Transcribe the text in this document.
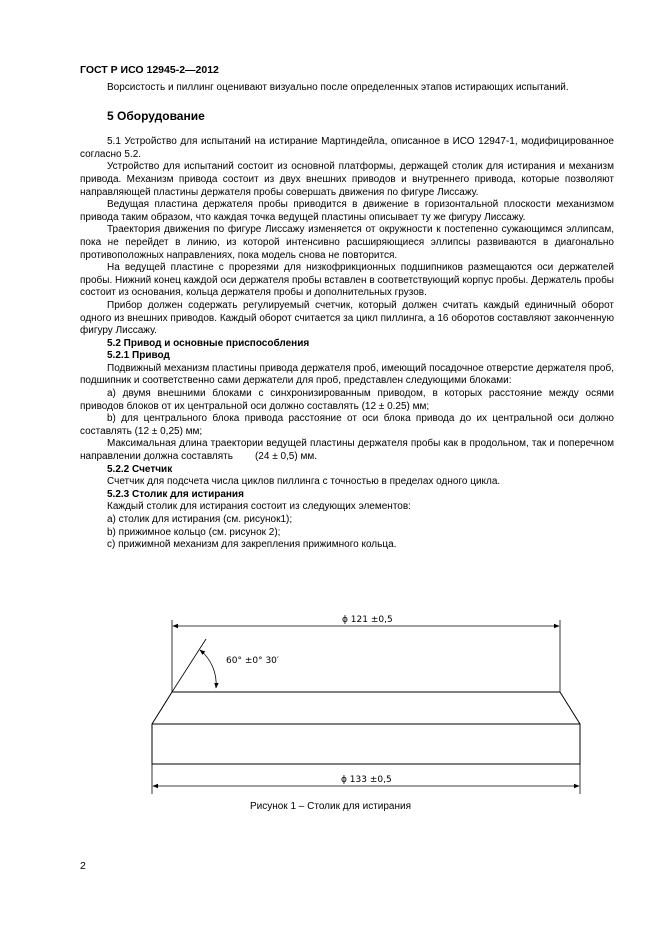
ГОСТ Р ИСО 12945-2—2012

Ворсистость и пиллинг оценивают визуально после определенных этапов истирающих испытаний.

5 Оборудование

5.1 Устройство для испытаний на истирание Мартиндейла, описанное в ИСО 12947-1, модифицированное согласно 5.2.

Устройство для испытаний состоит из основной платформы, держащей столик для истирания и механизм привода. Механизм привода состоит из двух внешних приводов и внутреннего привода, которые позволяют направляющей пластины держателя пробы совершать движения по фигуре Лиссажу.

Ведущая пластина держателя пробы приводится в движение в горизонтальной плоскости механизмом привода таким образом, что каждая точка ведущей пластины описывает ту же фигуру Лиссажу.

Траектория движения по фигуре Лиссажу изменяется от окружности к постепенно сужающимся эллипсам, пока не перейдет в линию, из которой интенсивно расширяющиеся эллипсы развиваются в диагонально противоположных направлениях, пока модель снова не повторится.

На ведущей пластине с прорезями для низкофрикционных подшипников размещаются оси держателей пробы. Нижний конец каждой оси держателя пробы вставлен в соответствующий корпус пробы. Держатель пробы состоит из основания, кольца держателя пробы и дополнительных грузов.

Прибор должен содержать регулируемый счетчик, который должен считать каждый единичный оборот одного из внешних приводов. Каждый оборот считается за цикл пиллинга, а 16 оборотов составляют законченную фигуру Лиссажу.

5.2 Привод и основные приспособления
5.2.1 Привод

Подвижный механизм пластины привода держателя проб, имеющий посадочное отверстие держателя проб, подшипник и соответственно сами держатели для проб, представлен следующими блоками:

a) двумя внешними блоками с синхронизированным приводом, в которых расстояние между осями приводов блоков от их центральной оси должно составлять (12 ± 0.25) мм;

b) для центрального блока привода расстояние от оси блока привода до их центральной оси должно составлять (12 ± 0,25) мм;

Максимальная длина траектории ведущей пластины держателя пробы как в продольном, так и поперечном направлении должна составлять (24 ± 0,5) мм.

5.2.2 Счетчик

Счетчик для подсчета числа циклов пиллинга с точностью в пределах одного цикла.

5.2.3 Столик для истирания

Каждый столик для истирания состоит из следующих элементов:

a) столик для истирания (см. рисунок1);

b) прижимное кольцо (см. рисунок 2);

c) прижимной механизм для закрепления прижимного кольца.

ϕ 121 ±0,5
60° ±0° 30′
ϕ 133 ±0,5
Рисунок 1 – Столик для истирания
2
